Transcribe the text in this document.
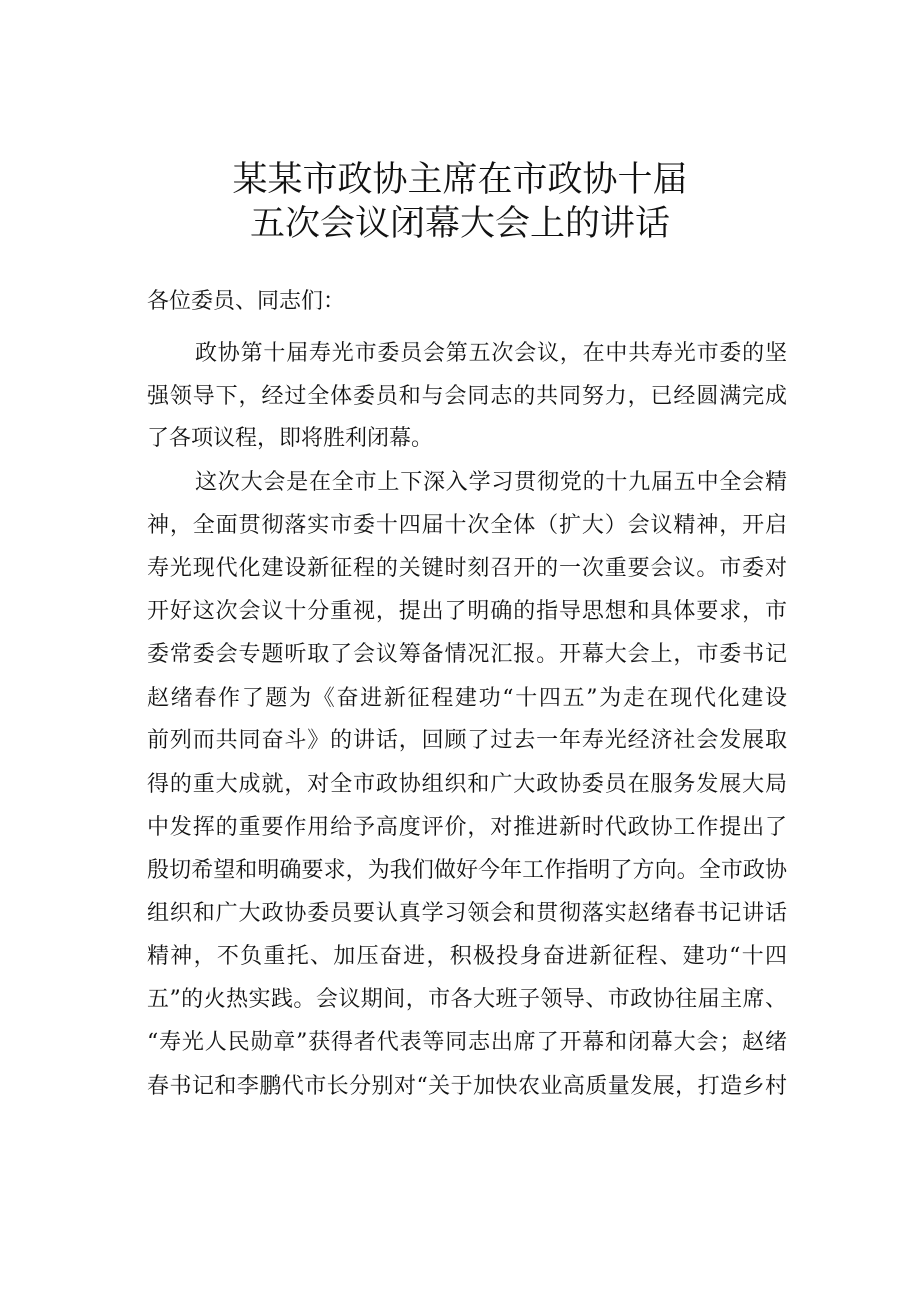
某某市政协主席在市政协十届
五次会议闭幕大会上的讲话
各位委员、同志们：
政协第十届寿光市委员会第五次会议，在中共寿光市委的坚
强领导下，经过全体委员和与会同志的共同努力，已经圆满完成
了各项议程，即将胜利闭幕。
这次大会是在全市上下深入学习贯彻党的十九届五中全会精
神，全面贯彻落实市委十四届十次全体（扩大）会议精神，开启
寿光现代化建设新征程的关键时刻召开的一次重要会议。市委对
开好这次会议十分重视，提出了明确的指导思想和具体要求，市
委常委会专题听取了会议筹备情况汇报。开幕大会上，市委书记
赵绪春作了题为《奋进新征程建功“十四五”为走在现代化建设
前列而共同奋斗》的讲话，回顾了过去一年寿光经济社会发展取
得的重大成就，对全市政协组织和广大政协委员在服务发展大局
中发挥的重要作用给予高度评价，对推进新时代政协工作提出了
殷切希望和明确要求，为我们做好今年工作指明了方向。全市政协
组织和广大政协委员要认真学习领会和贯彻落实赵绪春书记讲话
精神，不负重托、加压奋进，积极投身奋进新征程、建功“十四
五”的火热实践。会议期间，市各大班子领导、市政协往届主席、
“寿光人民勋章”获得者代表等同志出席了开幕和闭幕大会；赵绪
春书记和李鹏代市长分别对“关于加快农业高质量发展，打造乡村
